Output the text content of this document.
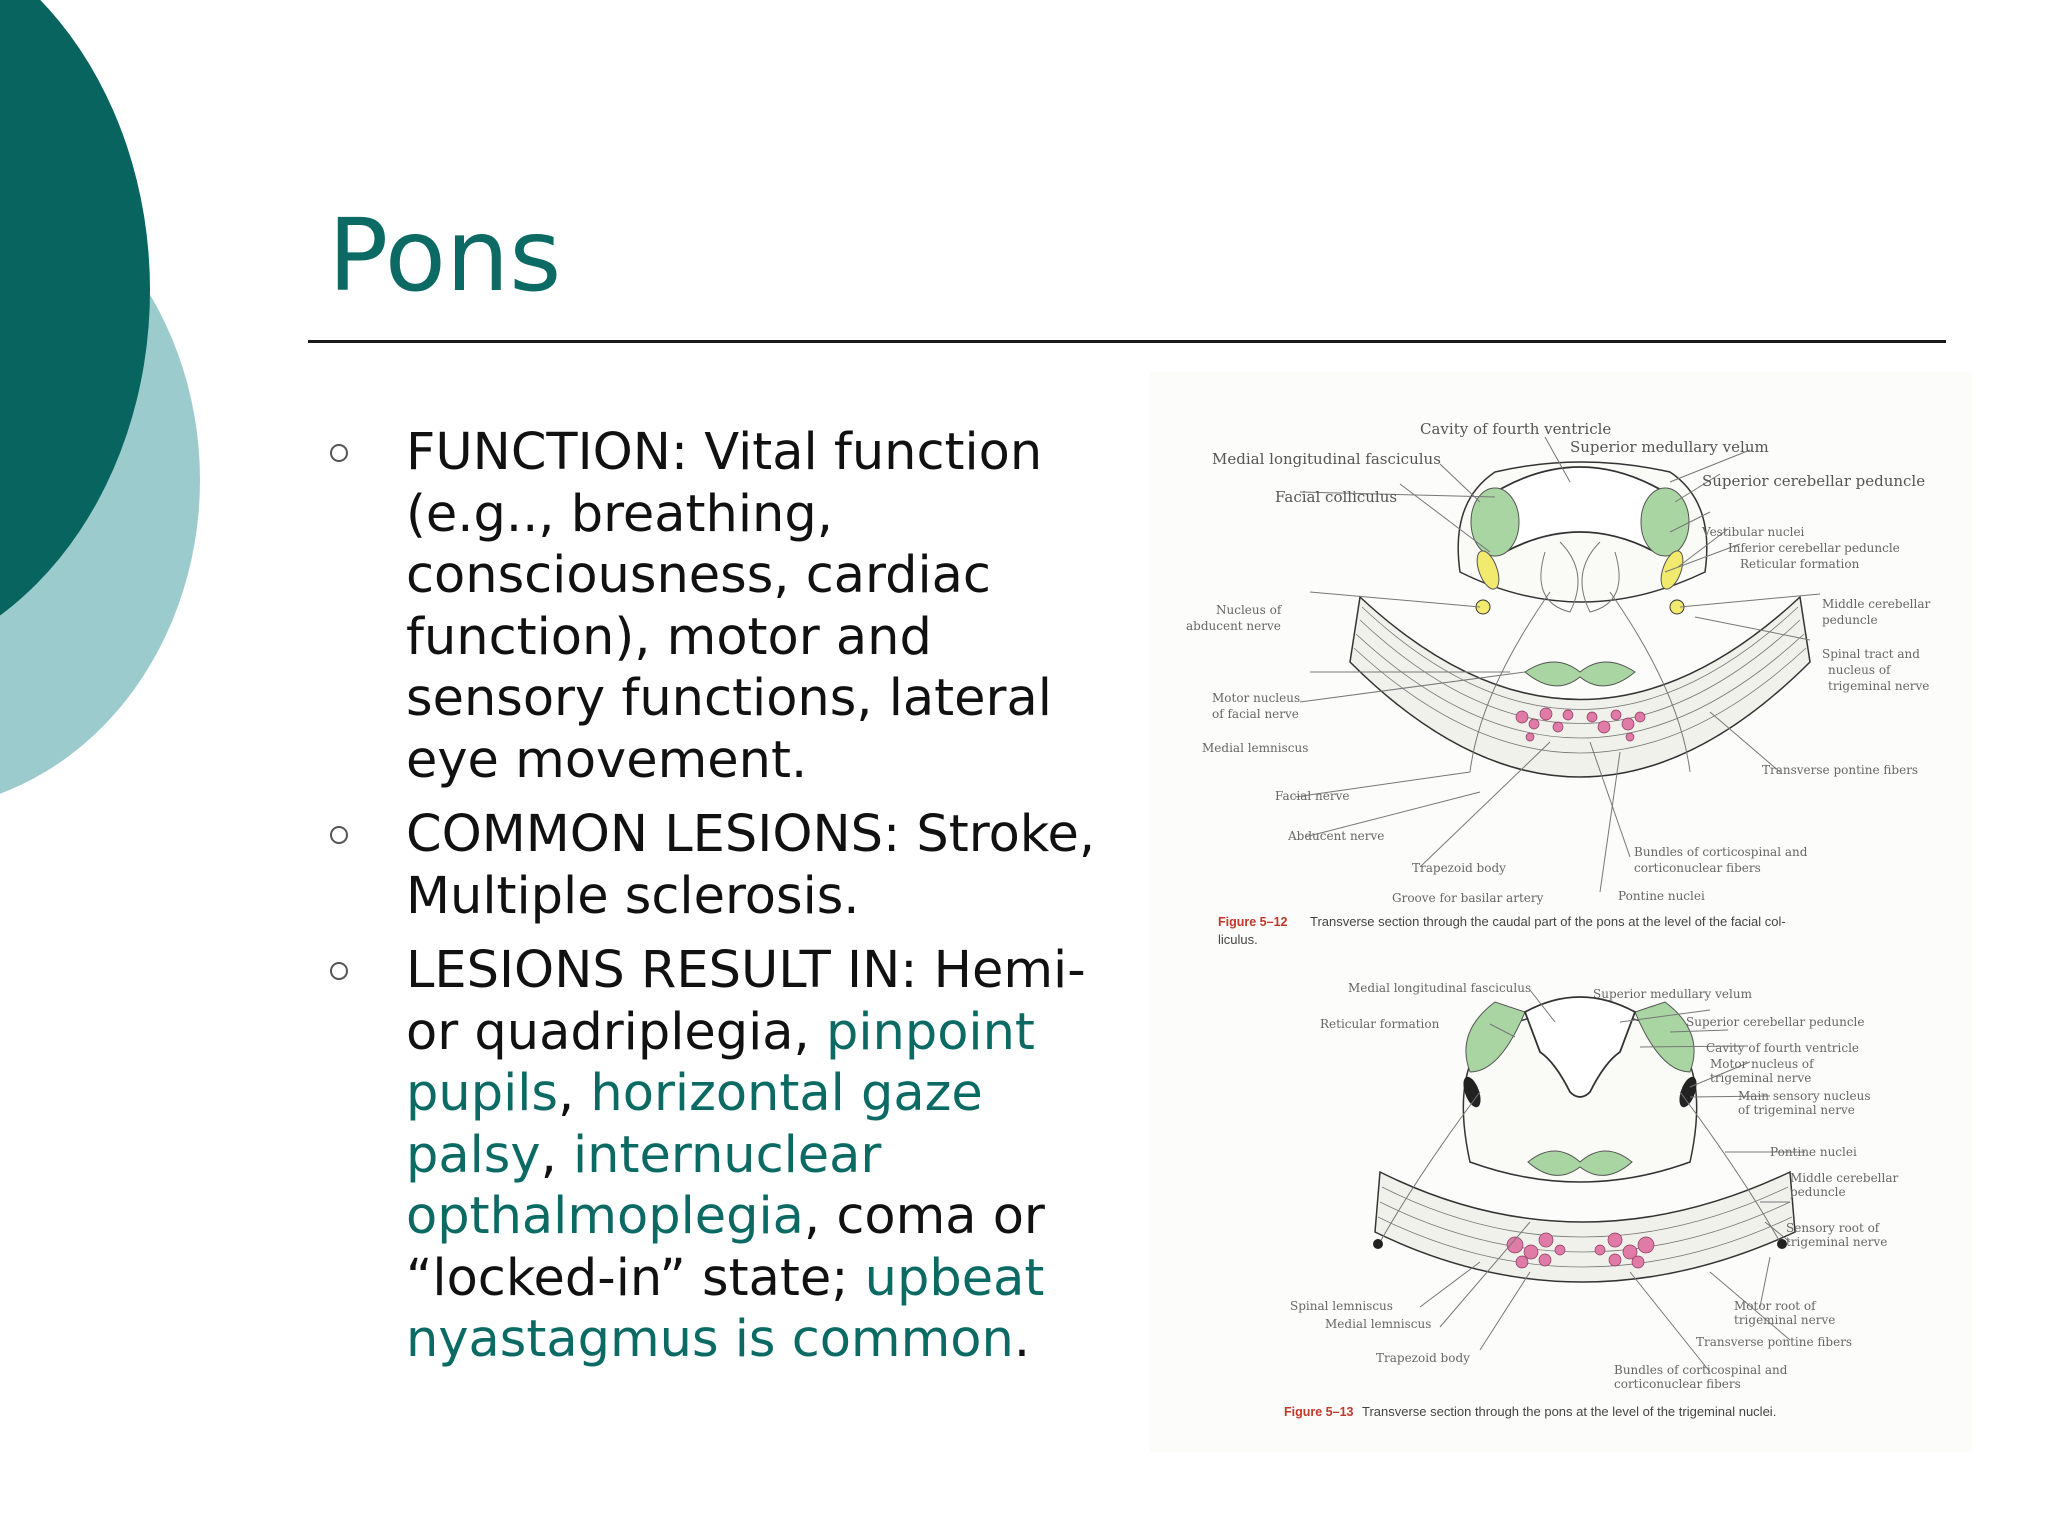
Pons
FUNCTION: Vital function (e.g.., breathing, consciousness, cardiac function), motor and sensory functions, lateral eye movement.
COMMON LESIONS: Stroke, Multiple sclerosis.
LESIONS RESULT IN: Hemi- or quadriplegia, pinpoint pupils, horizontal gaze palsy, internuclear opthalmoplegia, coma or “locked-in” state; upbeat nyastagmus is common.
Cavity of fourth ventricle
Medial longitudinal fasciculus
Superior medullary velum
Facial colliculus
Superior cerebellar peduncle
Vestibular nuclei
Inferior cerebellar peduncle
Reticular formation
Nucleus of
abducent nerve
Middle cerebellar
peduncle
Spinal tract and
nucleus of
trigeminal nerve
Motor nucleus
of facial nerve
Medial lemniscus
Transverse pontine fibers
Facial nerve
Abducent nerve
Bundles of corticospinal and
corticonuclear fibers
Trapezoid body
Groove for basilar artery	Pontine nuclei
Figure 5–12 Transverse section through the caudal part of the pons at the level of the facial col-
liculus.
Medial longitudinal fasciculus	Superior medullary velum
Reticular formation	Superior cerebellar peduncle
Cavity of fourth ventricle
Motor nucleus of
trigeminal nerve
Main sensory nucleus
of trigeminal nerve
Pontine nuclei
Middle cerebellar
peduncle
Sensory root of
trigeminal nerve
Spinal lemniscus
Medial lemniscus
Motor root of
trigeminal nerve
Transverse pontine fibers
Trapezoid body
Bundles of corticospinal and
corticonuclear fibers
Figure 5–13 Transverse section through the pons at the level of the trigeminal nuclei.
